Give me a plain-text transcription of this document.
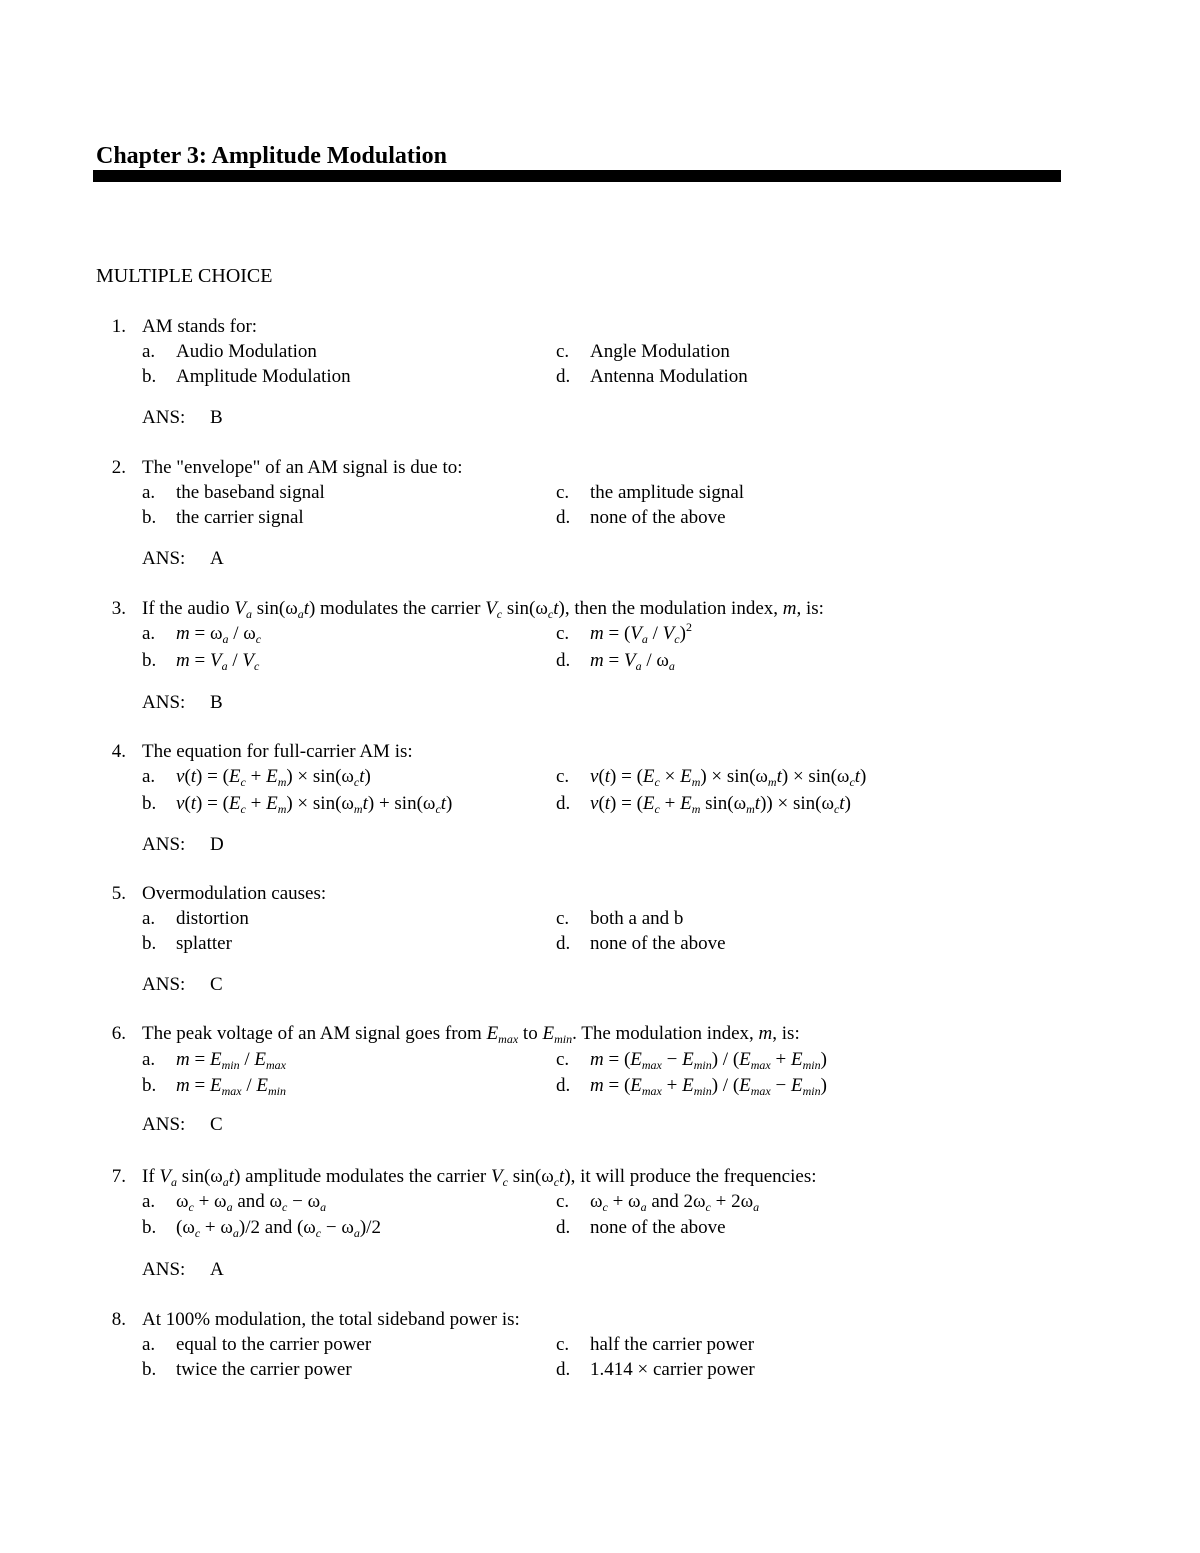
Chapter 3: Amplitude Modulation
MULTIPLE CHOICE
1. AM stands for:
a. Audio Modulation
b. Amplitude Modulation
c. Angle Modulation
d. Antenna Modulation
ANS: B
2. The "envelope" of an AM signal is due to:
a. the baseband signal
b. the carrier signal
c. the amplitude signal
d. none of the above
ANS: A
3. If the audio $V_a$ $\sin(\omega_at)$ modulates the carrier $V_c$ $\sin(\omega_ct)$, then the modulation index, m, is:
a. $m = \omega_a / \omega_c$
b. $m = V_a / V_c$
c. $m = (V_a / V_c)^2$
d. $m = V_a / \omega_a$
ANS: B
4. The equation for full-carrier AM is:
a. $v(t) = (E_c + E_m) \times \sin(\omega_ct)$
b. $v(t) = (E_c + E_m) \times \sin(\omega_mt) + \sin(\omega_ct)$
c. $v(t) = (E_c \times E_m) \times \sin(\omega_mt) \times \sin(\omega_ct)$
d. $v(t) = (E_c + E_m$ $\sin(\omega_mt)) \times \sin(\omega_ct)$
ANS: D
5. Overmodulation causes:
a. distortion
b. splatter
c. both a and b
d. none of the above
ANS: C
6. The peak voltage of an AM signal goes from $E_{max}$ to $E_{min}$. The modulation index, m, is:
a. $m = E_{min} / E_{max}$
b. $m = E_{max} / E_{min}$
c. $m = (E_{max} - E_{min}) / (E_{max} + E_{min})$
d. $m = (E_{max} + E_{min}) / (E_{max} - E_{min})$
ANS: C
7. If $V_a$ $\sin(\omega_at)$ amplitude modulates the carrier $V_c$ $\sin(\omega_ct)$, it will produce the frequencies:
a. $\omega_c + \omega_a$ and $\omega_c - \omega_a$
b. $(\omega_c + \omega_a)/2$ and $(\omega_c - \omega_a)/2$
c. $\omega_c + \omega_a$ and $2\omega_c + 2\omega_a$
d. none of the above
ANS: A
8. At 100% modulation, the total sideband power is:
a. equal to the carrier power
b. twice the carrier power
c. half the carrier power
d. 1.414 × carrier power
